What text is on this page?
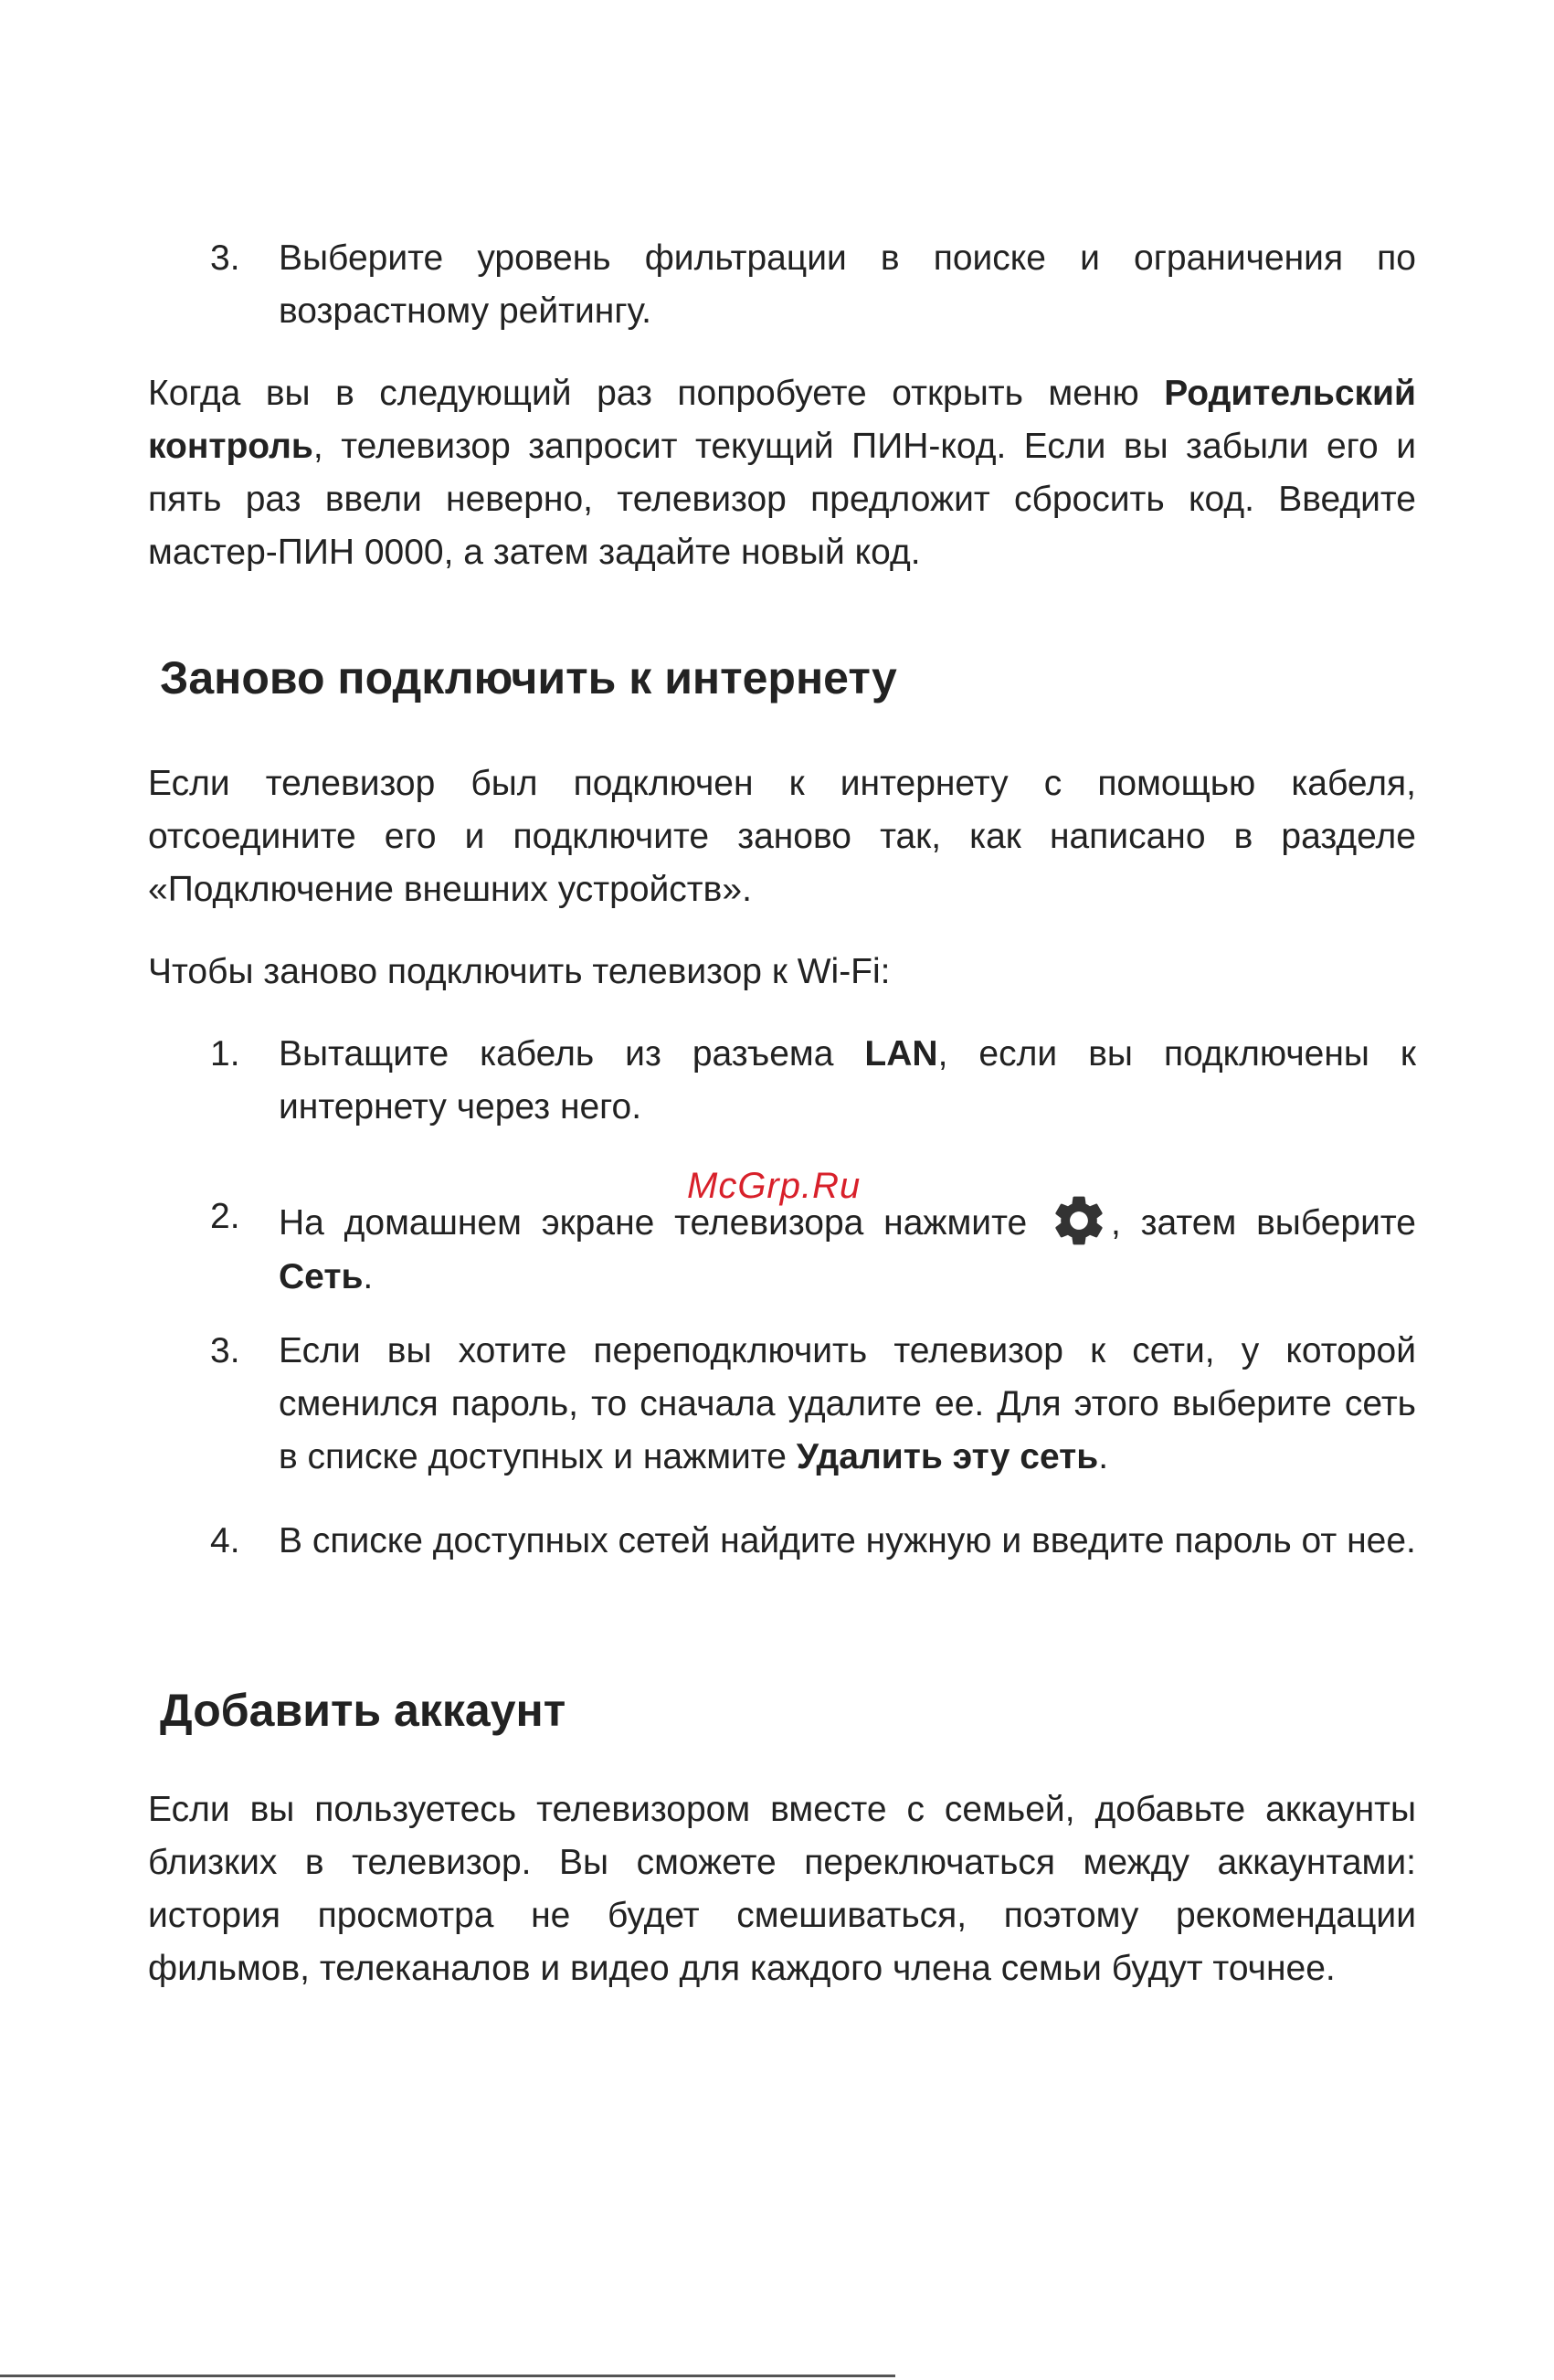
3. Выберите уровень фильтрации в поиске и ограничения по возрастному рейтингу.
Когда вы в следующий раз попробуете открыть меню Родительский контроль, телевизор запросит текущий ПИН-код. Если вы забыли его и пять раз ввели неверно, телевизор предложит сбросить код. Введите мастер-ПИН 0000, а затем задайте новый код.
Заново подключить к интернету
Если телевизор был подключен к интернету с помощью кабеля, отсоедините его и подключите заново так, как написано в разделе «Подключение внешних устройств».
Чтобы заново подключить телевизор к Wi-Fi:
1. Вытащите кабель из разъема LAN, если вы подключены к интернету через него.
2. На домашнем экране телевизора нажмите , затем выберите Сеть.
3. Если вы хотите переподключить телевизор к сети, у которой сменился пароль, то сначала удалите ее. Для этого выберите сеть в списке доступных и нажмите Удалить эту сеть.
4. В списке доступных сетей найдите нужную и введите пароль от нее.
Добавить аккаунт
Если вы пользуетесь телевизором вместе с семьей, добавьте аккаунты близких в телевизор. Вы сможете переключаться между аккаунтами: история просмотра не будет смешиваться, поэтому рекомендации фильмов, телеканалов и видео для каждого члена семьи будут точнее.
McGrp.Ru
